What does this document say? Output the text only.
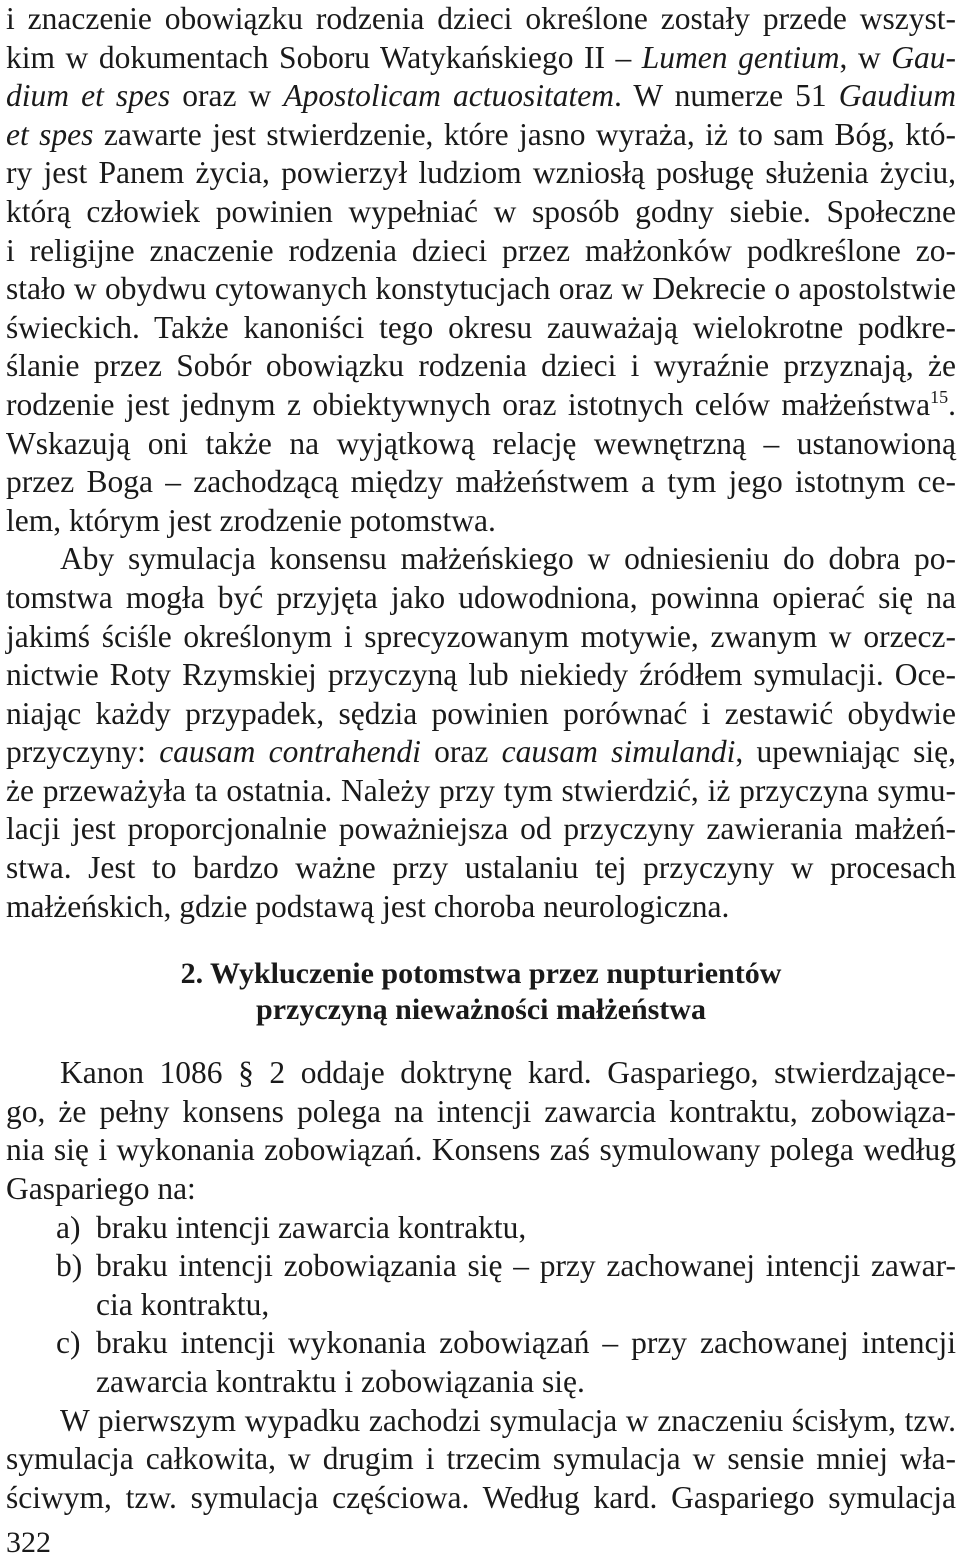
i znaczenie obowiązku rodzenia dzieci określone zostały przede wszyst-
kim w dokumentach Soboru Watykańskiego II – Lumen gentium, w Gau-
dium et spes oraz w Apostolicam actuositatem. W numerze 51 Gaudium
et spes zawarte jest stwierdzenie, które jasno wyraża, iż to sam Bóg, któ-
ry jest Panem życia, powierzył ludziom wzniosłą posługę służenia życiu,
którą człowiek powinien wypełniać w sposób godny siebie. Społeczne
i religijne znaczenie rodzenia dzieci przez małżonków podkreślone zo-
stało w obydwu cytowanych konstytucjach oraz w Dekrecie o apostolstwie
świeckich. Także kanoniści tego okresu zauważają wielokrotne podkre-
ślanie przez Sobór obowiązku rodzenia dzieci i wyraźnie przyznają, że
rodzenie jest jednym z obiektywnych oraz istotnych celów małżeństwa$^{15}$.
Wskazują oni także na wyjątkową relację wewnętrzną – ustanowioną
przez Boga – zachodzącą między małżeństwem a tym jego istotnym ce-
lem, którym jest zrodzenie potomstwa.
Aby symulacja konsensu małżeńskiego w odniesieniu do dobra po-
tomstwa mogła być przyjęta jako udowodniona, powinna opierać się na
jakimś ściśle określonym i sprecyzowanym motywie, zwanym w orzecz-
nictwie Roty Rzymskiej przyczyną lub niekiedy źródłem symulacji. Oce-
niając każdy przypadek, sędzia powinien porównać i zestawić obydwie
przyczyny: causam contrahendi oraz causam simulandi, upewniając się,
że przeważyła ta ostatnia. Należy przy tym stwierdzić, iż przyczyna symu-
lacji jest proporcjonalnie poważniejsza od przyczyny zawierania małżeń-
stwa. Jest to bardzo ważne przy ustalaniu tej przyczyny w procesach
małżeńskich, gdzie podstawą jest choroba neurologiczna.
2. Wykluczenie potomstwa przez nupturientów
przyczyną nieważności małżeństwa
Kanon 1086 § 2 oddaje doktrynę kard. Gaspariego, stwierdzające-
go, że pełny konsens polega na intencji zawarcia kontraktu, zobowiąza-
nia się i wykonania zobowiązań. Konsens zaś symulowany polega według
Gaspariego na:
a) braku intencji zawarcia kontraktu,
b) braku intencji zobowiązania się – przy zachowanej intencji zawar-
cia kontraktu,
c) braku intencji wykonania zobowiązań – przy zachowanej intencji
zawarcia kontraktu i zobowiązania się.
W pierwszym wypadku zachodzi symulacja w znaczeniu ścisłym, tzw.
symulacja całkowita, w drugim i trzecim symulacja w sensie mniej wła-
ściwym, tzw. symulacja częściowa. Według kard. Gaspariego symulacja
322
